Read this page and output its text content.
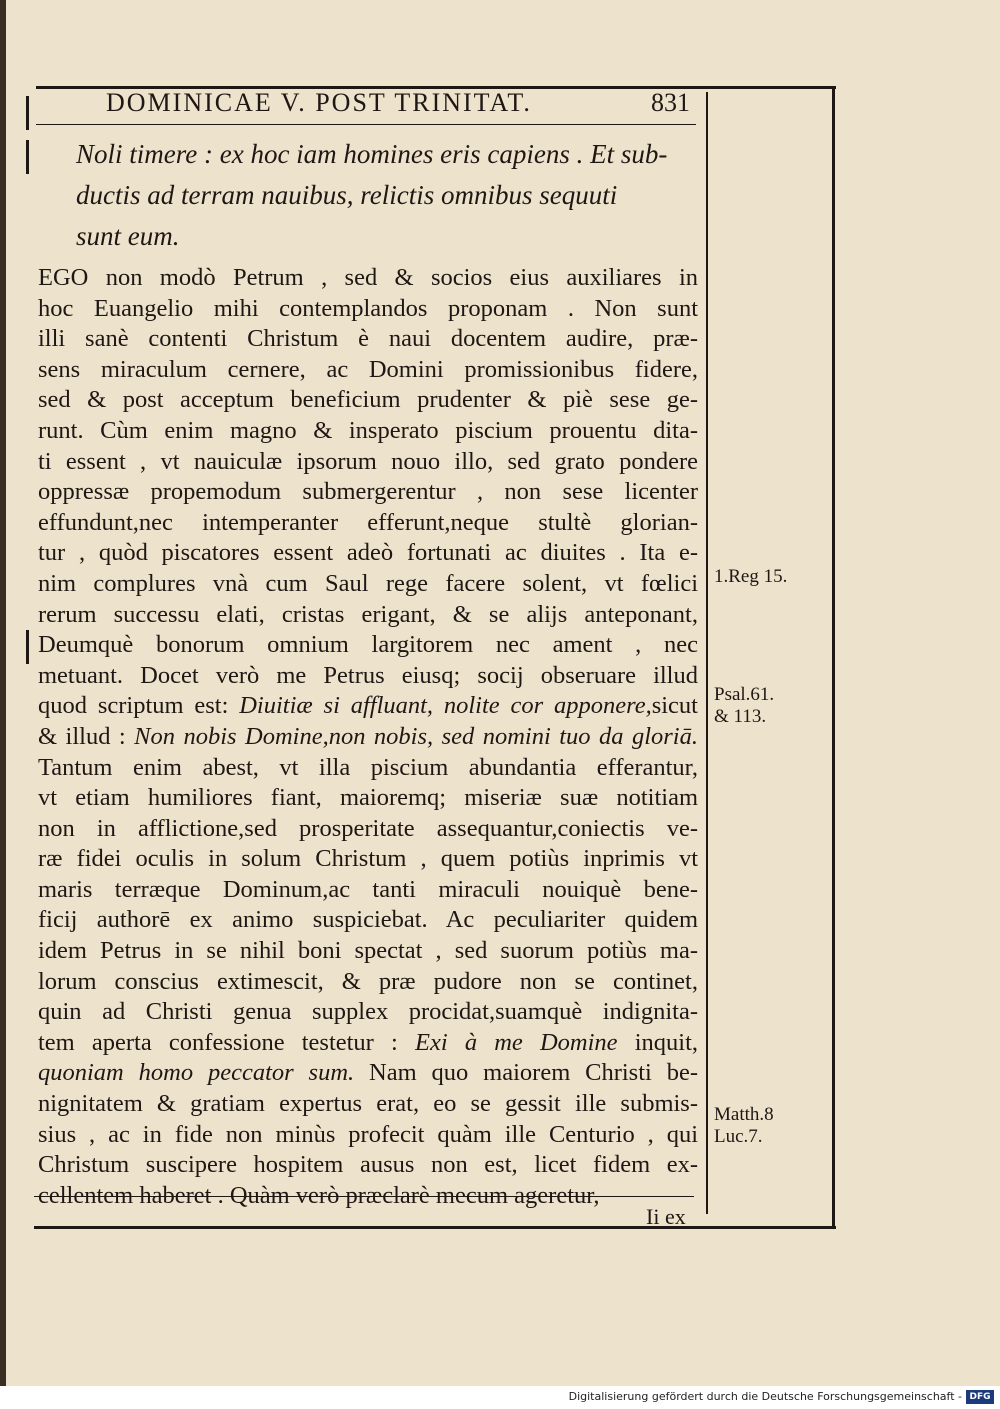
DOMINICAE V. POST TRINITAT.	831
Noli timere : ex hoc iam homines eris capiens . Et sub-
ductis ad terram nauibus, relictis omnibus sequuti
sunt eum.
EGO non modò Petrum , sed & socios eius auxiliares in
hoc Euangelio mihi contemplandos proponam . Non sunt
illi sanè contenti Christum è naui docentem audire, præ-
sens miraculum cernere, ac Domini promissionibus fidere,
sed & post acceptum beneficium prudenter & piè sese ge-
runt. Cùm enim magno & insperato piscium prouentu dita-
ti essent , vt nauiculæ ipsorum nouo illo, sed grato pondere
oppressæ propemodum submergerentur , non sese licenter
effundunt,nec intemperanter efferunt,neque stultè glorian-
tur , quòd piscatores essent adeò fortunati ac diuites . Ita e-
nim complures vnà cum Saul rege facere solent, vt fœlici
rerum successu elati, cristas erigant, & se alijs anteponant,
Deumquè bonorum omnium largitorem nec ament , nec
metuant. Docet verò me Petrus eiusq; socij obseruare illud
quod scriptum est: Diuitiæ si affluant, nolite cor apponere,sicut
& illud : Non nobis Domine,non nobis, sed nomini tuo da gloriā.
Tantum enim abest, vt illa piscium abundantia efferantur,
vt etiam humiliores fiant, maioremq; miseriæ suæ notitiam
non in afflictione,sed prosperitate assequantur,coniectis ve-
ræ fidei oculis in solum Christum , quem potiùs inprimis vt
maris terræque Dominum,ac tanti miraculi nouiquè bene-
ficij authorē ex animo suspiciebat. Ac peculiariter quidem
idem Petrus in se nihil boni spectat , sed suorum potiùs ma-
lorum conscius extimescit, & præ pudore non se continet,
quin ad Christi genua supplex procidat,suamquè indignita-
tem aperta confessione testetur : Exi à me Domine inquit,
quoniam homo peccator sum. Nam quo maiorem Christi be-
nignitatem & gratiam expertus erat, eo se gessit ille submis-
sius , ac in fide non minùs profecit quàm ille Centurio , qui
Christum suscipere hospitem ausus non est, licet fidem ex-
cellentem haberet . Quàm verò præclarè mecum ageretur,
1.Reg 15.
Psal.61.
& 113.
Matth.8
Luc.7.
Ii ex
Digitalisierung gefördert durch die Deutsche Forschungsgemeinschaft - DFG
